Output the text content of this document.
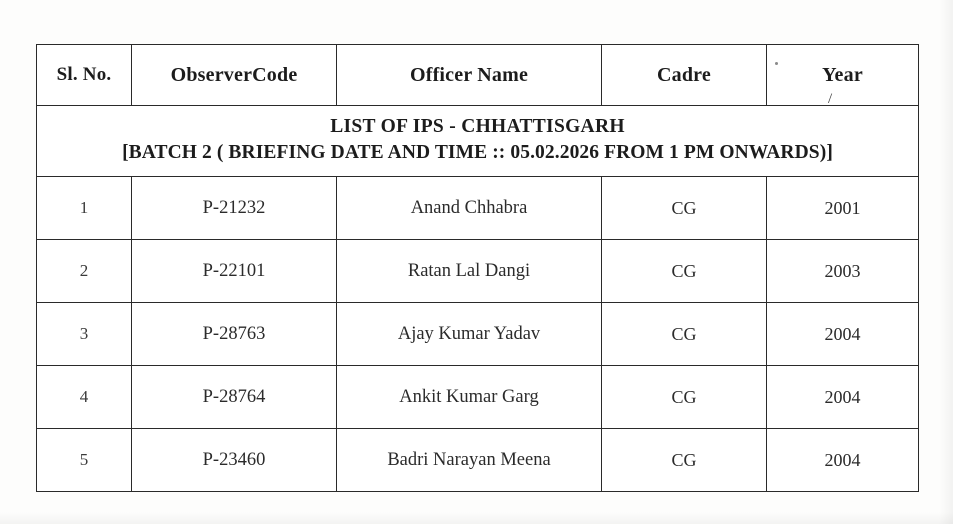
Sl. No.	ObserverCode	Officer Name	Cadre	Year

LIST OF IPS - CHHATTISGARH
[BATCH 2 ( BRIEFING DATE AND TIME :: 05.02.2026 FROM 1 PM ONWARDS)]				

1	P-21232	Anand Chhabra	CG	2001
2	P-22101	Ratan Lal Dangi	CG	2003
3	P-28763	Ajay Kumar Yadav	CG	2004
4	P-28764	Ankit Kumar Garg	CG	2004
5	P-23460	Badri Narayan Meena	CG	2004
/
